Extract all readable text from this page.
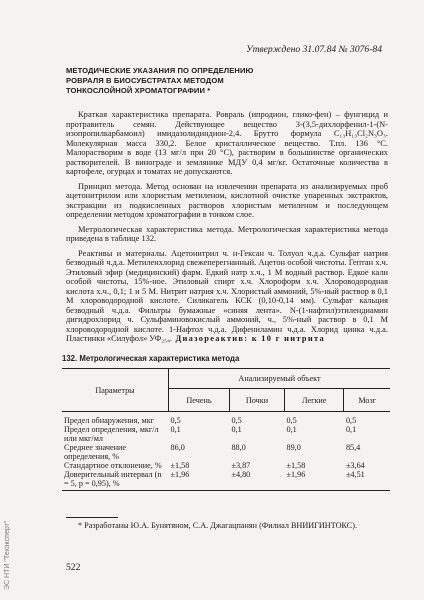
Утверждено 31.07.84 № 3076-84
МЕТОДИЧЕСКИЕ УКАЗАНИЯ ПО ОПРЕДЕЛЕНИЮ
РОВРАЛЯ В БИОСУБСТРАТАХ МЕТОДОМ
ТОНКОСЛОЙНОЙ ХРОМАТОГРАФИИ *

Краткая характеристика препарата. Ровраль (ипродион, глико-фен) – фунгицид и протравитель семян. Действующее вещество 3-(3,5-дихлорфенил-1-(N-изопропилкарбамоил) имидазолидиндион-2,4. Брутто формула C₁₃H₁₃Cl₂N₃O₃. Молекулярная масса 330,2. Белое кристаллическое вещество. Т.пл. 136 °С. Малорастворим в воде (13 мг/л при 20 °С), растворим в большинстве органических растворителей. В винограде и землянике МДУ 0,4 мг/кг. Остаточные количества в картофеле, огурцах и томатах не допускаются.

Принцип метода. Метод основан на извлечении препарата из анализируемых проб ацетонитрилом или хлористым метиленом, кислотной очистке упаренных экстрактов, экстракции из подкисленных растворов хлористым метиленом и последующем определении методом хроматографии в тонком слое.

Метрологическая характеристика метода. Метрологическая характеристика метода приведена в таблице 132.

Реактивы и материалы. Ацетонитрил ч. н-Гексан ч. Толуол ч.д.а. Сульфат натрия безводный ч.д.а. Метиленхлорид свежеперегнанный. Ацетон особой чистоты. Гептан х.ч. Этиловый эфир (медицинский) фарм. Едкий натр х.ч., 1 М водный раствор. Едкое кали особой чистоты, 15%-ное. Этиловый спирт х.ч. Хлороформ х.ч. Хлороводородная кислота х.ч., 0,1; 1 и 5 М. Нитрит натрия х.ч. Хлористый аммоний, 5%-ный раствор в 0,1 М хлороводородной кислоте. Силикагель КСК (0,10-0,14 мм). Сульфат кальция безводный ч.д.а. Фильтры бумажные «синяя лента». N-(1-нафтил)этилендиамин дигидрохлорид ч. Сульфаминовокислый аммоний, ч., 5%-ный раствор в 0,1 М хлороводородной кислоте. 1-Нафтол ч.д.а. Дифениламин ч.д.а. Хлорид цинка ч.д.а. Пластинки «Силуфол» УФ₂₅₄. Диазореактив: к 10 г нитрита

132. Метрологическая характеристика метода
Параметры	Анализируемый объект			
	Печень	Почки	Легкие	Мозг
Предел обнаружения, мкг	0,5	0,5	0,5	0,5
Предел определения, мкг/л или мкг/мл	0,1	0,1	0,1	0,1
Среднее значение определения, %	86,0	88,0	89,0	85,4
Стандартное отклонение, %	±1,58	±3,87	±1,58	±3,64
Доверительный интервал (n = 5, p = 0,95), %	±1,96	±4,80	±1,96	±4,51
* Разработаны Ю.А. Бунятяном, С.А. Джагацпанян (Филиал ВНИИГИНТОКС).
522
ЭС НТИ "Техэксперт"
